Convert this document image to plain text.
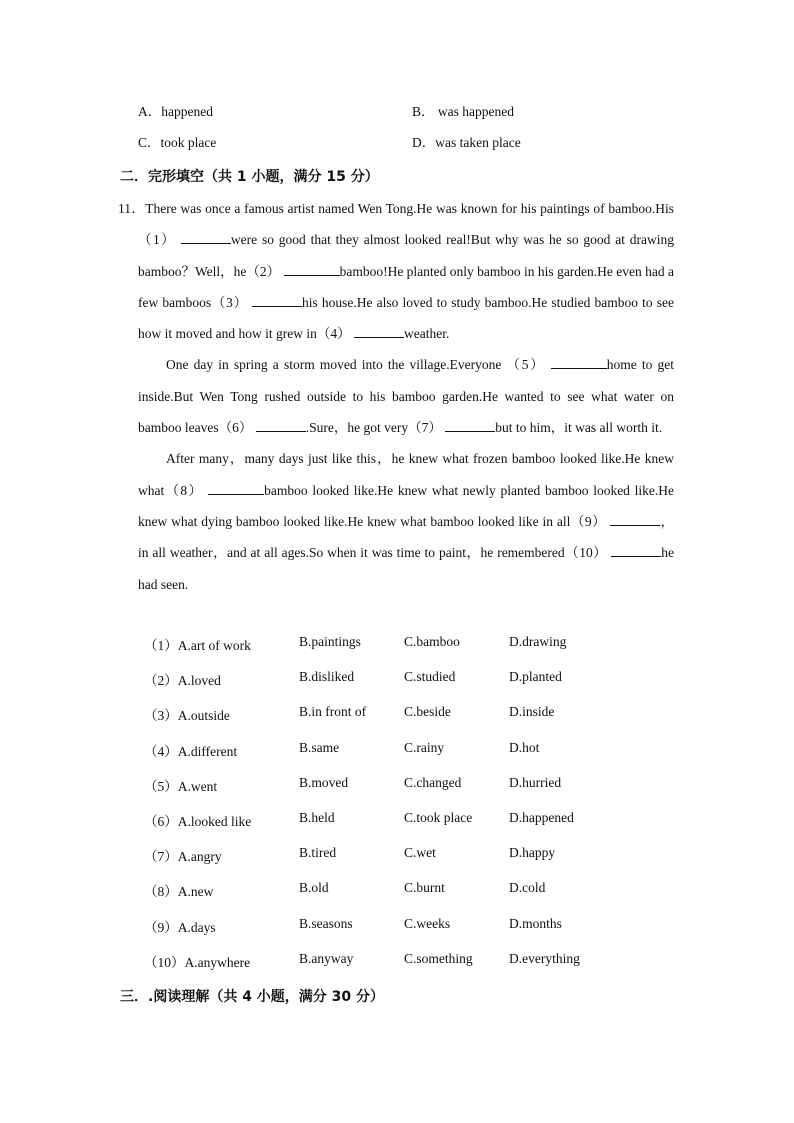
A．happened	B． was happened
C．took place	D．was taken place
二．完形填空（共 1 小题，满分 15 分）

11．There was once a famous artist named Wen Tong.He was known for his paintings of bamboo.His（1）	were so good that they almost looked real!But why was he so good at drawing bamboo？Well，he（2）	bamboo!He planted only bamboo in his garden.He even had a few bamboos（3）	his house.He also loved to study bamboo.He studied bamboo to see how it moved and how it grew in（4）	weather.

One day in spring a storm moved into the village.Everyone （5）	home to get inside.But Wen Tong rushed outside to his bamboo garden.He wanted to see what water on bamboo leaves（6）	.Sure，he got very（7）	but to him，it was all worth it.

After many，many days just like this，he knew what frozen bamboo looked like.He knew what（8）	bamboo looked like.He knew what newly planted bamboo looked like.He knew what dying bamboo looked like.He knew what bamboo looked like in all（9）	，in all weather，and at all ages.So when it was time to paint，he remembered（10）	he had seen.

（1）A.art of work	B.paintings	C.bamboo	D.drawing
（2）A.loved	B.disliked	C.studied	D.planted
（3）A.outside	B.in front of	C.beside	D.inside
（4）A.different	B.same	C.rainy	D.hot
（5）A.went	B.moved	C.changed	D.hurried
（6）A.looked like	B.held	C.took place	D.happened
（7）A.angry	B.tired	C.wet	D.happy
（8）A.new	B.old	C.burnt	D.cold
（9）A.days	B.seasons	C.weeks	D.months
（10）A.anywhere	B.anyway	C.something	D.everything
三．.阅读理解（共 4 小题，满分 30 分）
